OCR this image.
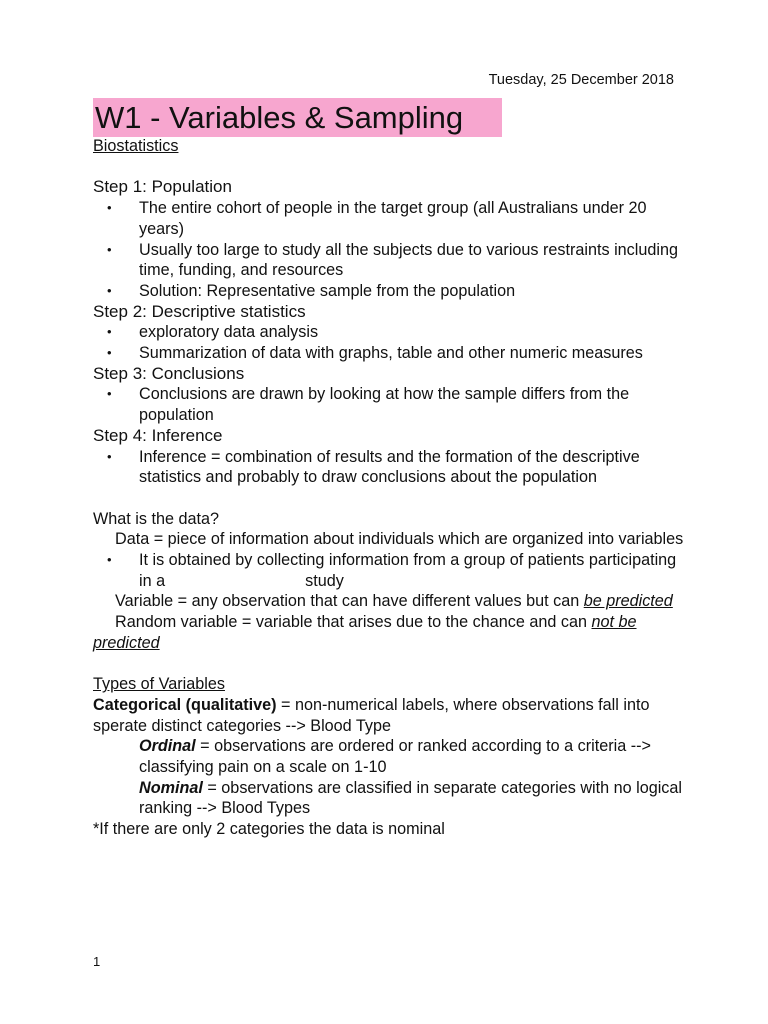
Tuesday, 25 December 2018
W1 - Variables & Sampling
Biostatistics
Step 1: Population
• The entire cohort of people in the target group (all Australians under 20 years)
• Usually too large to study all the subjects due to various restraints including time, funding, and resources
• Solution: Representative sample from the population
Step 2: Descriptive statistics
• exploratory data analysis
• Summarization of data with graphs, table and other numeric measures
Step 3: Conclusions
• Conclusions are drawn by looking at how the sample differs from the population
Step 4: Inference
• Inference = combination of results and the formation of the descriptive statistics and probably to draw conclusions about the population
What is the data?
Data = piece of information about individuals which are organized into variables
• It is obtained by collecting information from a group of patients participating in a	study
Variable = any observation that can have different values but can be predicted
Random variable = variable that arises due to the chance and can not be predicted
Types of Variables
Categorical (qualitative) = non-numerical labels, where observations fall into sperate distinct categories --> Blood Type
Ordinal = observations are ordered or ranked according to a criteria --> classifying pain on a scale on 1-10
Nominal = observations are classified in separate categories with no logical ranking --> Blood Types
*If there are only 2 categories the data is nominal
1
